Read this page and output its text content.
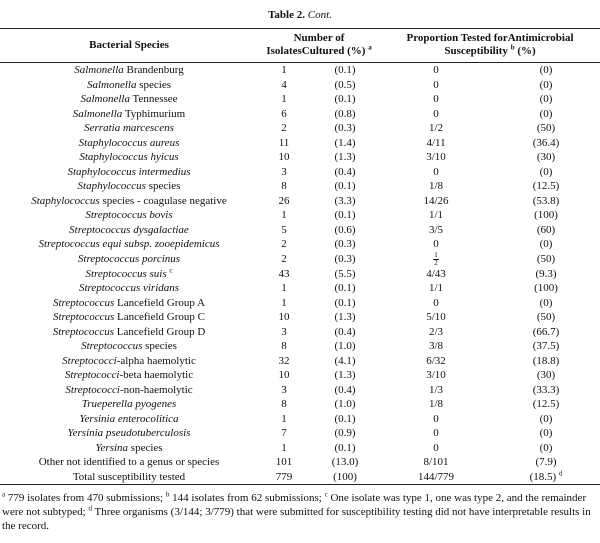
Table 2. Cont.
Bacterial Species	Number of
IsolatesCultured (%) $^a$		Proportion Tested forAntimicrobial
Susceptibility $^b$ (%)	
Salmonella Brandenburg	1	(0.1)	0	(0)
Salmonella species	4	(0.5)	0	(0)
Salmonella Tennessee	1	(0.1)	0	(0)
Salmonella Typhimurium	6	(0.8)	0	(0)
Serratia marcescens	2	(0.3)	1/2	(50)
Staphylococcus aureus	11	(1.4)	4/11	(36.4)
Staphylococcus hyicus	10	(1.3)	3/10	(30)
Staphylococcus intermedius	3	(0.4)	0	(0)
Staphylococcus species	8	(0.1)	1/8	(12.5)
Staphylococcus species - coagulase negative	26	(3.3)	14/26	(53.8)
Streptococcus bovis	1	(0.1)	1/1	(100)
Streptococcus dysgalactiae	5	(0.6)	3/5	(60)
Streptococcus equi subsp. zooepidemicus	2	(0.3)	0	(0)
Streptococcus porcinus	2	(0.3)	$\frac{1}{2}$	(50)
Streptococcus suis $^c$	43	(5.5)	4/43	(9.3)
Streptococcus viridans	1	(0.1)	1/1	(100)
Streptococcus Lancefield Group A	1	(0.1)	0	(0)
Streptococcus Lancefield Group C	10	(1.3)	5/10	(50)
Streptococcus Lancefield Group D	3	(0.4)	2/3	(66.7)
Streptococcus species	8	(1.0)	3/8	(37.5)
Streptococci-alpha haemolytic	32	(4.1)	6/32	(18.8)
Streptococci-beta haemolytic	10	(1.3)	3/10	(30)
Streptococci-non-haemolytic	3	(0.4)	1/3	(33.3)
Trueperella pyogenes	8	(1.0)	1/8	(12.5)
Yersinia enterocolitica	1	(0.1)	0	(0)
Yersinia pseudotuberculosis	7	(0.9)	0	(0)
Yersina species	1	(0.1)	0	(0)
Other not identified to a genus or species	101	(13.0)	8/101	(7.9)
Total susceptibility tested	779	(100)	144/779	(18.5) $^d$
$^a$ 779 isolates from 470 submissions; $^b$ 144 isolates from 62 submissions; $^c$ One isolate was type 1, one was type 2, and the remainder were not subtyped; $^d$ Three organisms (3/144; 3/779) that were submitted for susceptibility testing did not have interpretable results in the record.
